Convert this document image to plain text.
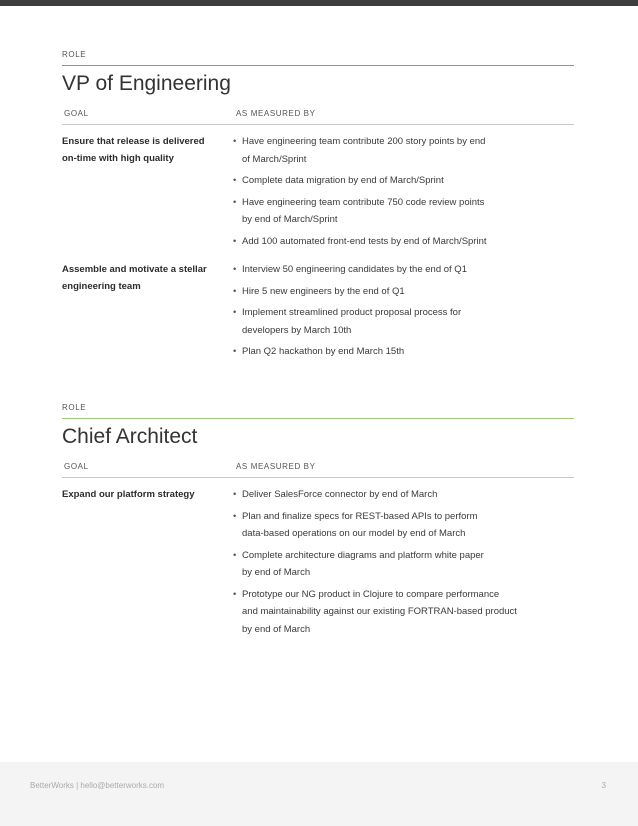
ROLE
VP of Engineering
GOAL	AS MEASURED BY
Ensure that release is delivered
on-time with high quality
• Have engineering team contribute 200 story points by end
of March/Sprint
• Complete data migration by end of March/Sprint
• Have engineering team contribute 750 code review points
by end of March/Sprint
• Add 100 automated front-end tests by end of March/Sprint
Assemble and motivate a stellar
engineering team
• Interview 50 engineering candidates by the end of Q1
• Hire 5 new engineers by the end of Q1
• Implement streamlined product proposal process for
developers by March 10th
• Plan Q2 hackathon by end March 15th
ROLE
Chief Architect
GOAL	AS MEASURED BY
Expand our platform strategy	• Deliver SalesForce connector by end of March
• Plan and finalize specs for REST-based APIs to perform
data-based operations on our model by end of March
• Complete architecture diagrams and platform white paper
by end of March
• Prototype our NG product in Clojure to compare performance
and maintainability against our existing FORTRAN-based product
by end of March
BetterWorks | hello@betterworks.com	3
